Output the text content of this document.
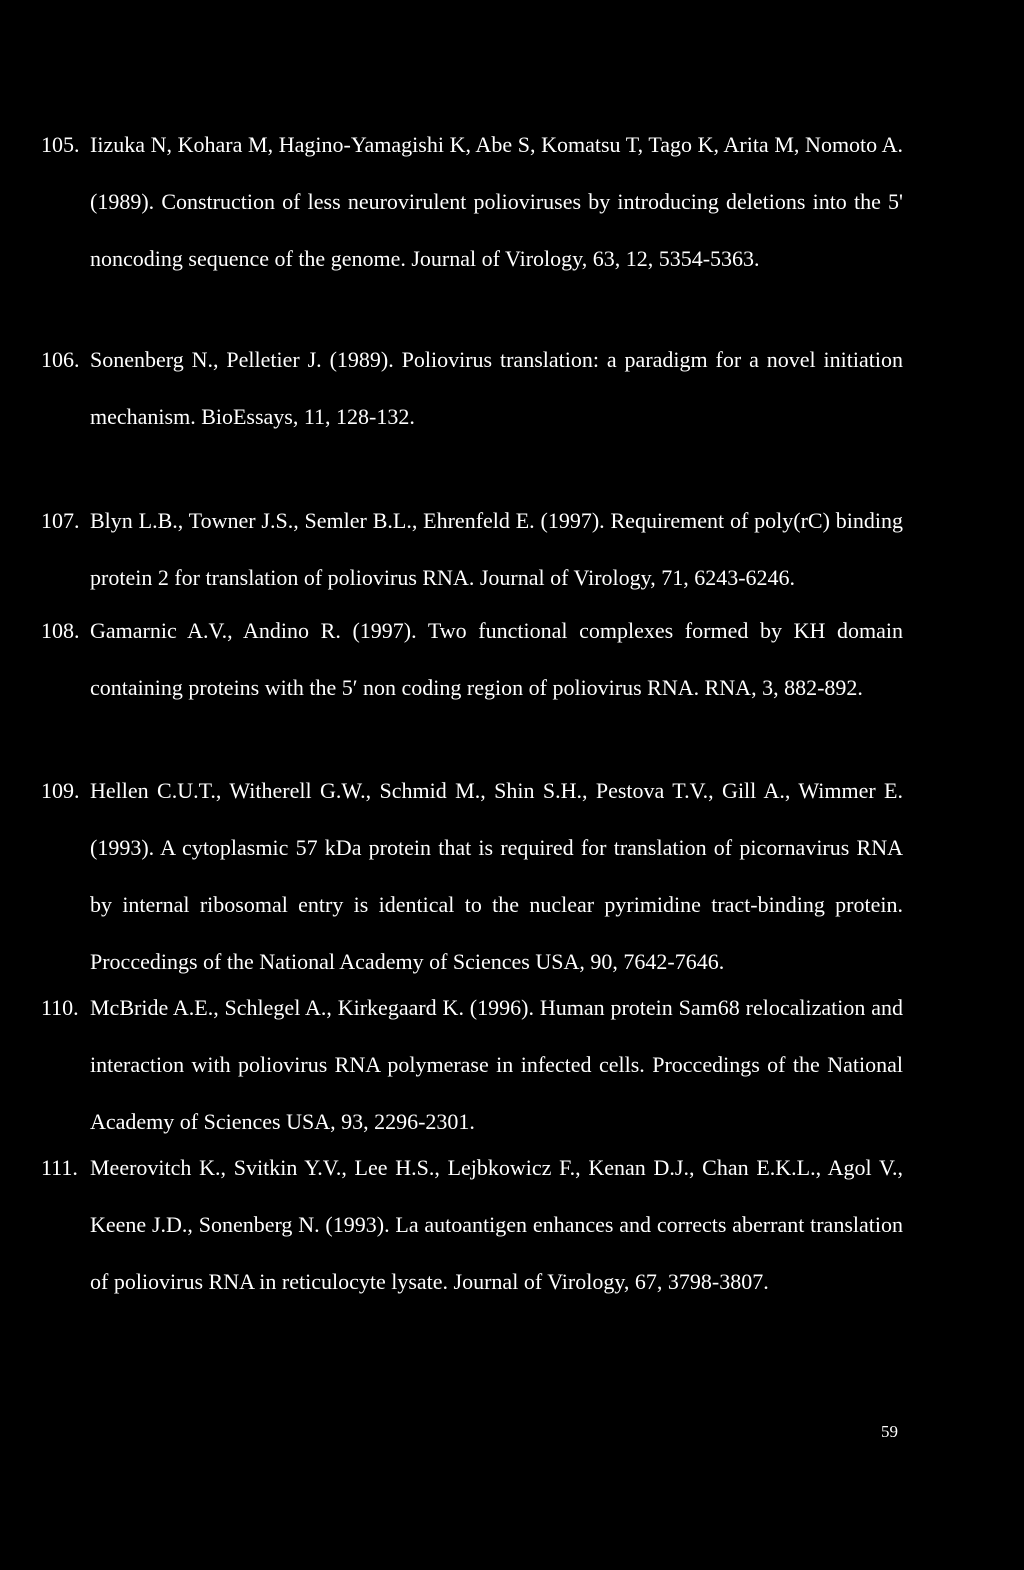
105. Iizuka N, Kohara M, Hagino-Yamagishi K, Abe S, Komatsu T, Tago K, Arita M, Nomoto A. (1989). Construction of less neurovirulent polioviruses by introducing deletions into the 5' noncoding sequence of the genome. Journal of Virology, 63, 12, 5354-5363.
106. Sonenberg N., Pelletier J. (1989). Poliovirus translation: a paradigm for a novel initiation mechanism. BioEssays, 11, 128-132.
107. Blyn L.B., Towner J.S., Semler B.L., Ehrenfeld E. (1997). Requirement of poly(rC) binding protein 2 for translation of poliovirus RNA. Journal of Virology, 71, 6243-6246.
108. Gamarnic A.V., Andino R. (1997). Two functional complexes formed by KH domain containing proteins with the 5′ non coding region of poliovirus RNA. RNA, 3, 882-892.
109. Hellen C.U.T., Witherell G.W., Schmid M., Shin S.H., Pestova T.V., Gill A., Wimmer E. (1993). A cytoplasmic 57 kDa protein that is required for translation of picornavirus RNA by internal ribosomal entry is identical to the nuclear pyrimidine tract-binding protein. Proccedings of the National Academy of Sciences USA, 90, 7642-7646.
110. McBride A.E., Schlegel A., Kirkegaard K. (1996). Human protein Sam68 relocalization and interaction with poliovirus RNA polymerase in infected cells. Proccedings of the National Academy of Sciences USA, 93, 2296-2301.
111. Meerovitch K., Svitkin Y.V., Lee H.S., Lejbkowicz F., Kenan D.J., Chan E.K.L., Agol V., Keene J.D., Sonenberg N. (1993). La autoantigen enhances and corrects aberrant translation of poliovirus RNA in reticulocyte lysate. Journal of Virology, 67, 3798-3807.
59
